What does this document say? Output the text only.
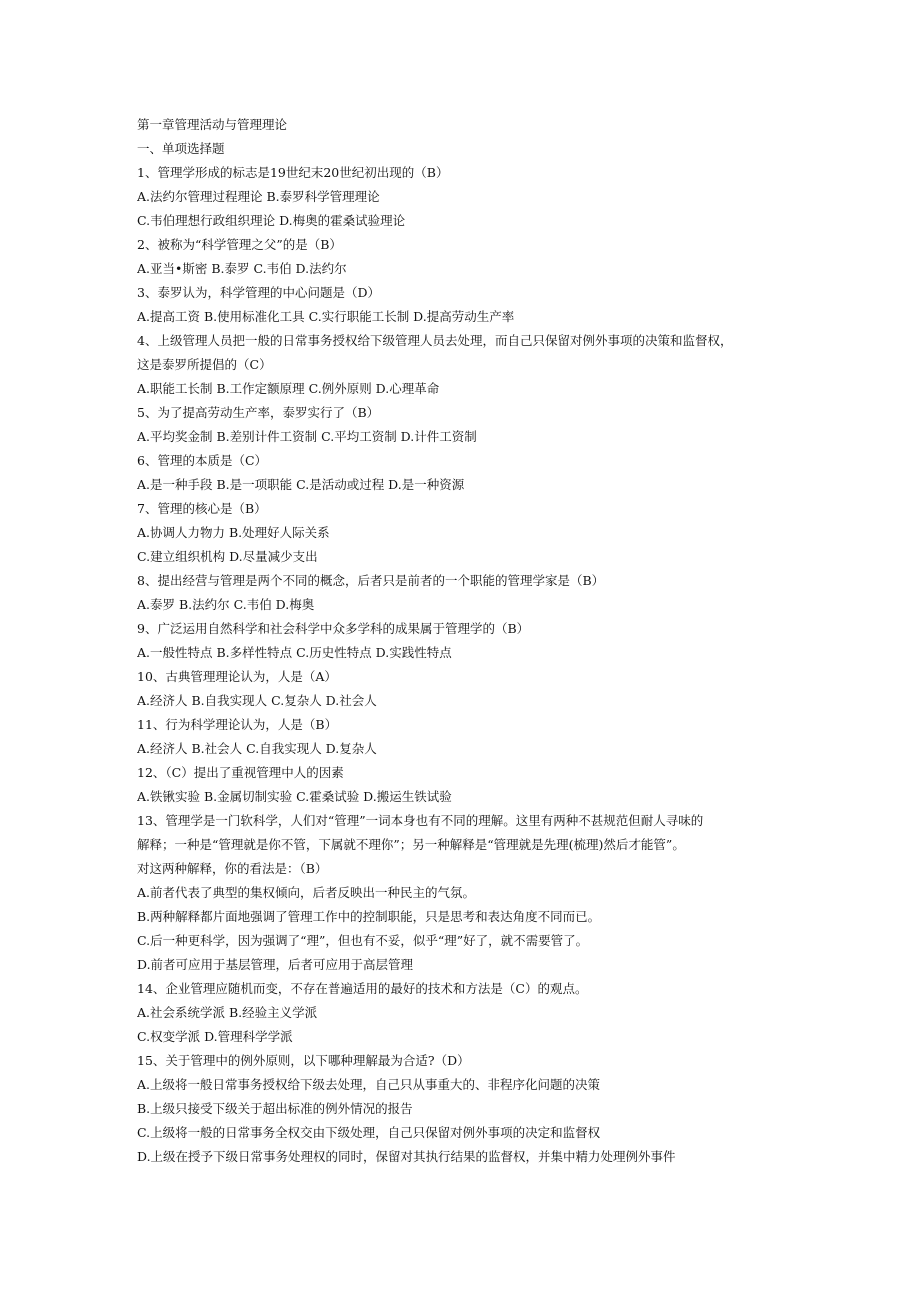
第一章管理活动与管理理论
一、单项选择题
1、管理学形成的标志是19世纪末20世纪初出现的（B）
A.法约尔管理过程理论 B.泰罗科学管理理论
C.韦伯理想行政组织理论 D.梅奥的霍桑试验理论
2、被称为“科学管理之父”的是（B）
A.亚当•斯密 B.泰罗 C.韦伯 D.法约尔
3、泰罗认为，科学管理的中心问题是（D）
A.提高工资 B.使用标准化工具 C.实行职能工长制 D.提高劳动生产率
4、上级管理人员把一般的日常事务授权给下级管理人员去处理，而自己只保留对例外事项的决策和监督权，
这是泰罗所提倡的（C）
A.职能工长制 B.工作定额原理 C.例外原则 D.心理革命
5、为了提高劳动生产率，泰罗实行了（B）
A.平均奖金制 B.差别计件工资制 C.平均工资制 D.计件工资制
6、管理的本质是（C）
A.是一种手段 B.是一项职能 C.是活动或过程 D.是一种资源
7、管理的核心是（B）
A.协调人力物力 B.处理好人际关系
C.建立组织机构 D.尽量减少支出
8、提出经营与管理是两个不同的概念，后者只是前者的一个职能的管理学家是（B）
A.泰罗 B.法约尔 C.韦伯 D.梅奥
9、广泛运用自然科学和社会科学中众多学科的成果属于管理学的（B）
A.一般性特点 B.多样性特点 C.历史性特点 D.实践性特点
10、古典管理理论认为，人是（A）
A.经济人 B.自我实现人 C.复杂人 D.社会人
11、行为科学理论认为，人是（B）
A.经济人 B.社会人 C.自我实现人 D.复杂人
12、（C）提出了重视管理中人的因素
A.铁锹实验 B.金属切制实验 C.霍桑试验 D.搬运生铁试验
13、管理学是一门软科学，人们对“管理”一词本身也有不同的理解。这里有两种不甚规范但耐人寻味的
解释；一种是“管理就是你不管，下属就不理你”；另一种解释是“管理就是先理(梳理)然后才能管”。
对这两种解释，你的看法是：（B）
A.前者代表了典型的集权倾向，后者反映出一种民主的气氛。
B.两种解释都片面地强调了管理工作中的控制职能，只是思考和表达角度不同而已。
C.后一种更科学，因为强调了“理”，但也有不妥，似乎“理”好了，就不需要管了。
D.前者可应用于基层管理，后者可应用于高层管理
14、企业管理应随机而变，不存在普遍适用的最好的技术和方法是（C）的观点。
A.社会系统学派 B.经验主义学派
C.权变学派 D.管理科学学派
15、关于管理中的例外原则，以下哪种理解最为合适?（D）
A.上级将一般日常事务授权给下级去处理，自己只从事重大的、非程序化问题的决策
B.上级只接受下级关于超出标准的例外情况的报告
C.上级将一般的日常事务全权交由下级处理，自己只保留对例外事项的决定和监督权
D.上级在授予下级日常事务处理权的同时，保留对其执行结果的监督权，并集中精力处理例外事件
